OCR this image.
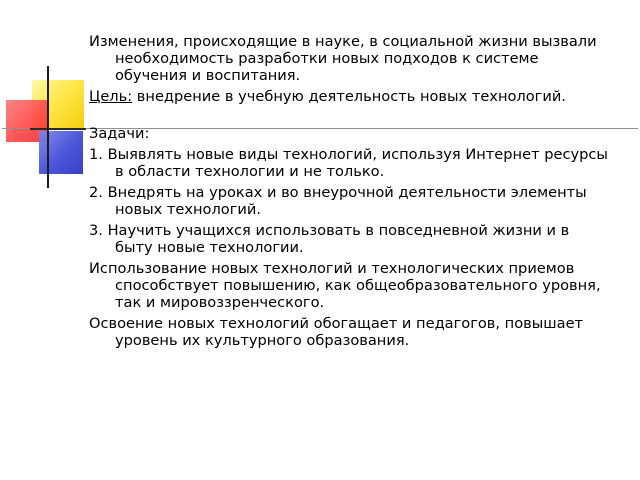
Изменения, происходящие в науке, в социальной жизни вызвали необходимость разработки новых подходов к системе обучения и воспитания.

Цель: внедрение в учебную деятельность новых технологий.

Задачи:

1. Выявлять новые виды технологий, используя Интернет ресурсы в области технологии и не только.

2. Внедрять на уроках и во внеурочной деятельности элементы новых технологий.

3. Научить учащихся использовать в повседневной жизни и в быту новые технологии.

Использование новых технологий и технологических приемов способствует повышению, как общеобразовательного уровня, так и мировоззренческого.

Освоение новых технологий обогащает и педагогов, повышает уровень их культурного образования.
